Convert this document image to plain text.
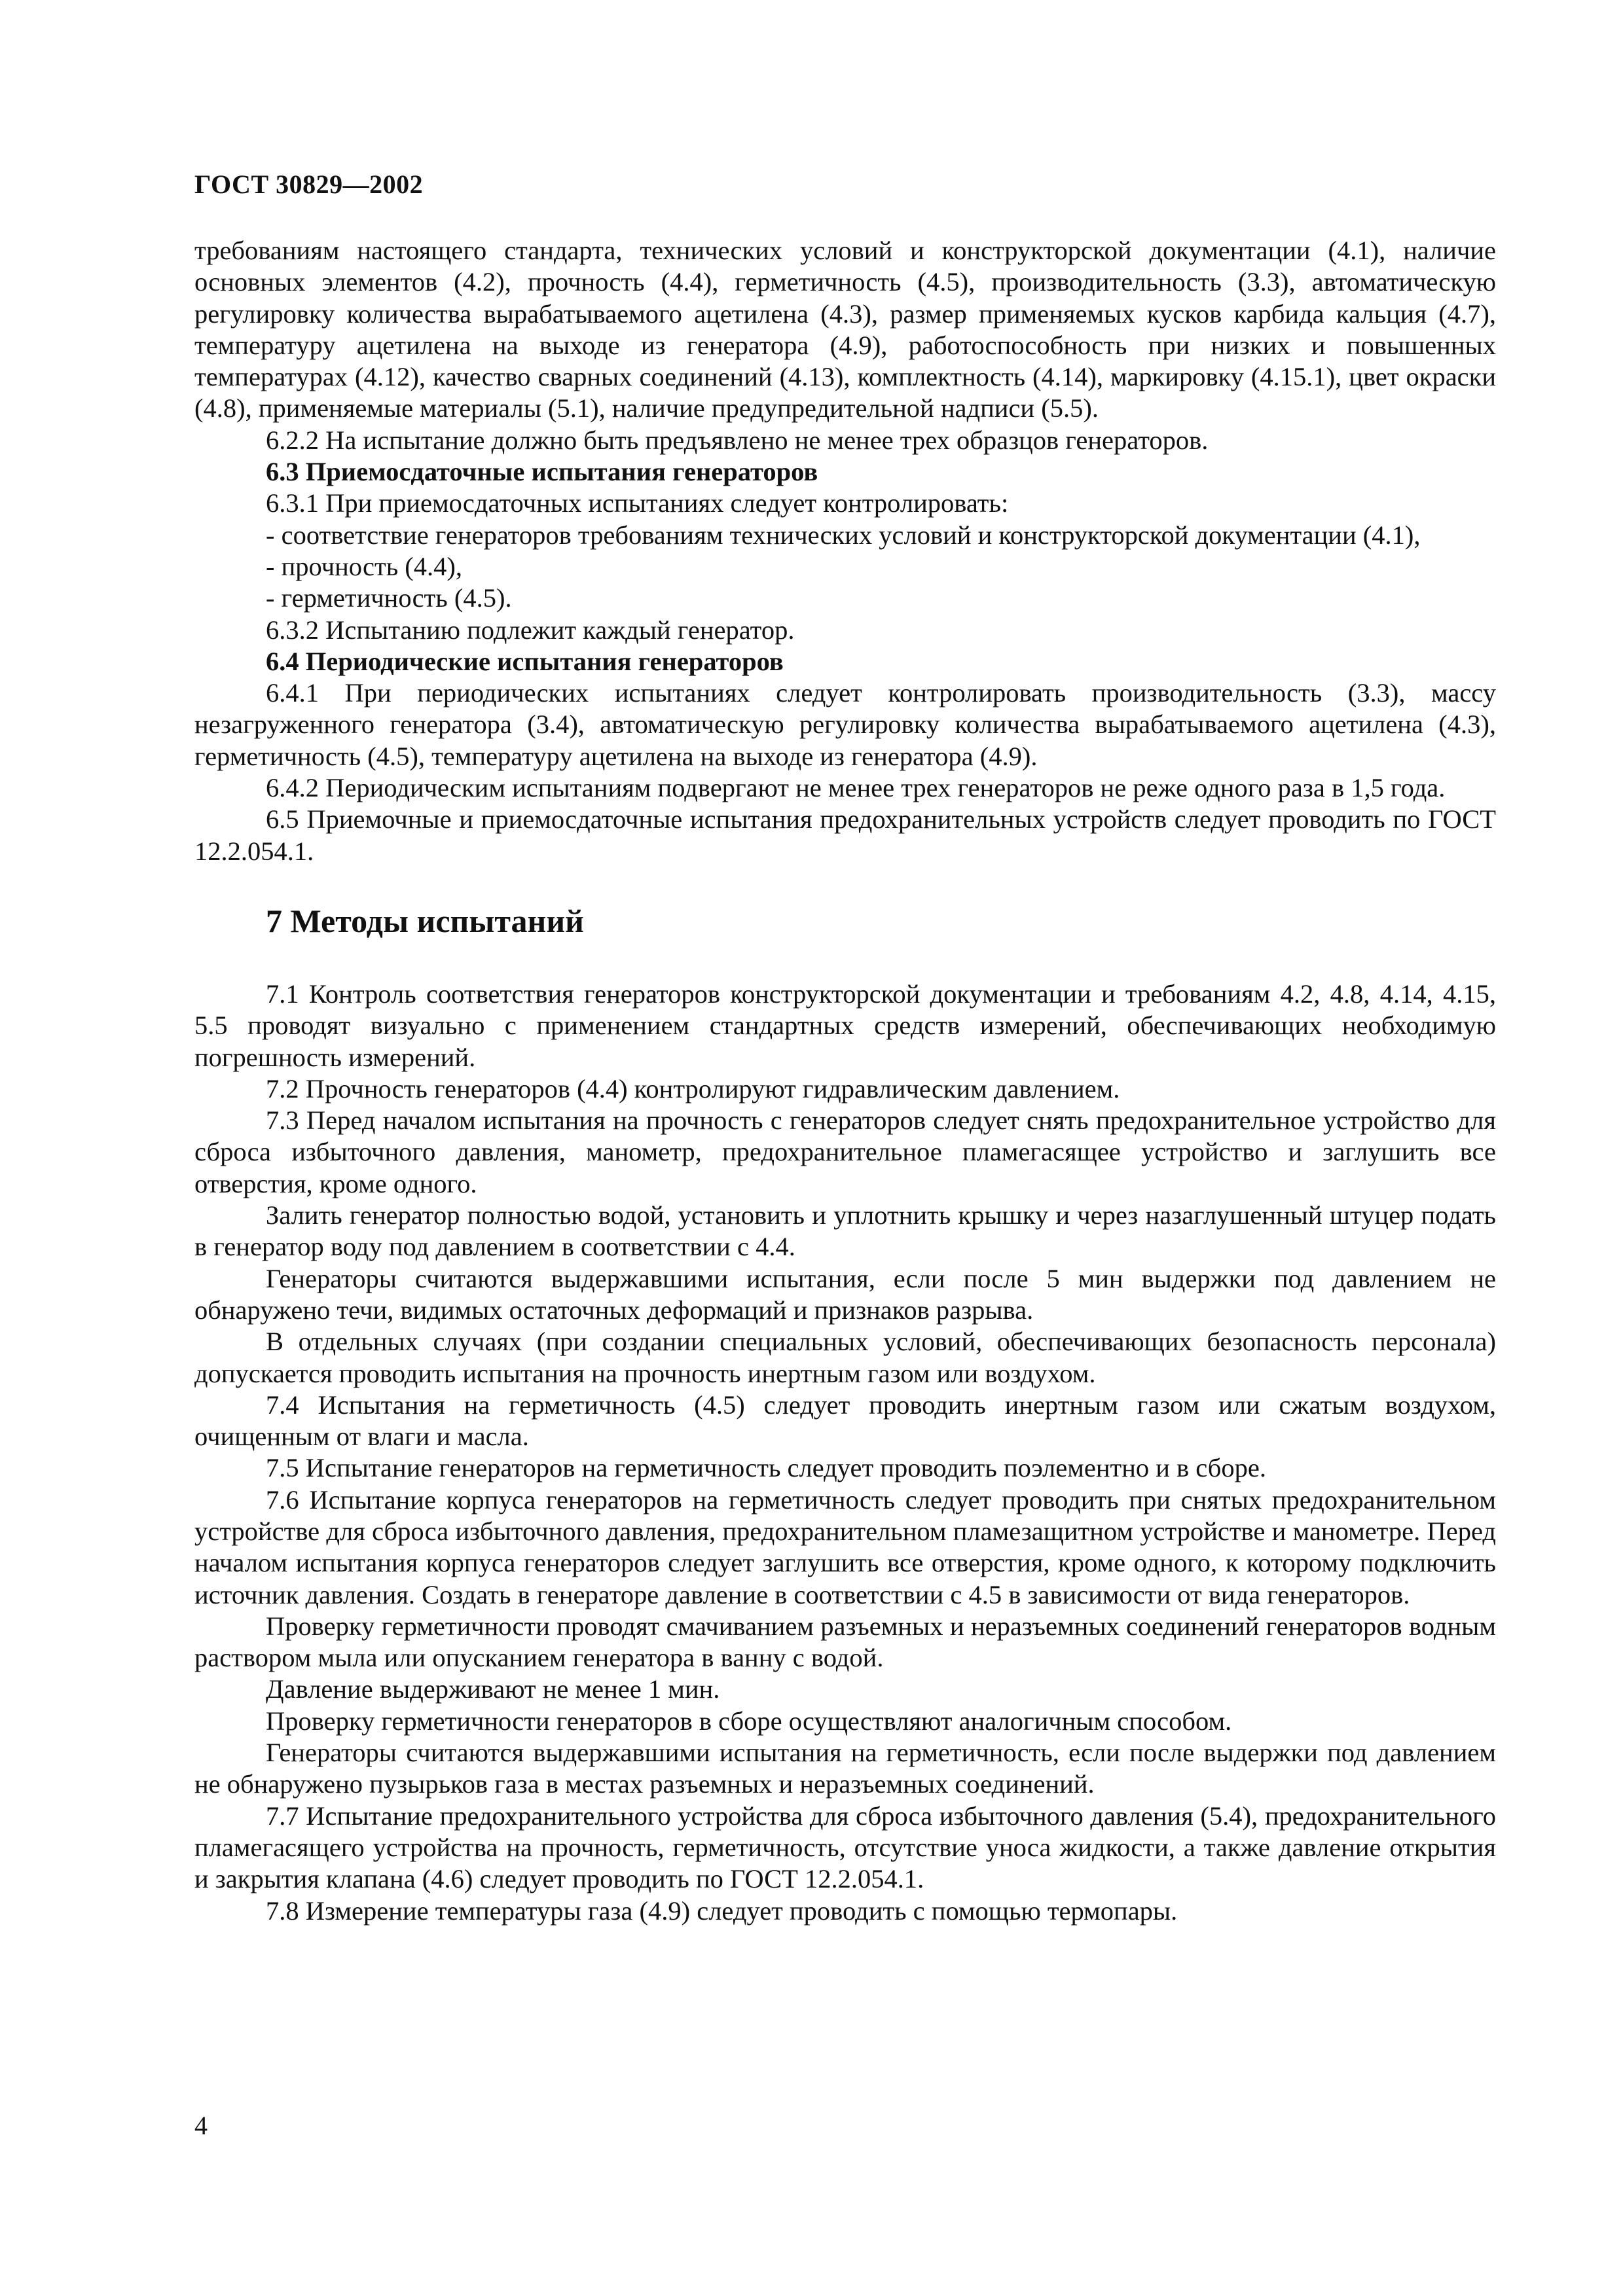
ГОСТ 30829—2002

требованиям настоящего стандарта, технических условий и конструкторской документации (4.1), наличие основных элементов (4.2), прочность (4.4), герметичность (4.5), производительность (3.3), автоматическую регулировку количества вырабатываемого ацетилена (4.3), размер применяемых кусков карбида кальция (4.7), температуру ацетилена на выходе из генератора (4.9), работоспособность при низких и повышенных температурах (4.12), качество сварных соединений (4.13), комплектность (4.14), маркировку (4.15.1), цвет окраски (4.8), применяемые материалы (5.1), наличие предупредительной надписи (5.5).

6.2.2 На испытание должно быть предъявлено не менее трех образцов генераторов.

6.3 Приемосдаточные испытания генераторов

6.3.1 При приемосдаточных испытаниях следует контролировать:

- соответствие генераторов требованиям технических условий и конструкторской документации (4.1),

- прочность (4.4),

- герметичность (4.5).

6.3.2 Испытанию подлежит каждый генератор.

6.4 Периодические испытания генераторов

6.4.1 При периодических испытаниях следует контролировать производительность (3.3), массу незагруженного генератора (3.4), автоматическую регулировку количества вырабатываемого ацетилена (4.3), герметичность (4.5), температуру ацетилена на выходе из генератора (4.9).

6.4.2 Периодическим испытаниям подвергают не менее трех генераторов не реже одного раза в 1,5 года.

6.5 Приемочные и приемосдаточные испытания предохранительных устройств следует проводить по ГОСТ 12.2.054.1.

7 Методы испытаний

7.1 Контроль соответствия генераторов конструкторской документации и требованиям 4.2, 4.8, 4.14, 4.15, 5.5 проводят визуально с применением стандартных средств измерений, обеспечивающих необходимую погрешность измерений.

7.2 Прочность генераторов (4.4) контролируют гидравлическим давлением.

7.3 Перед началом испытания на прочность с генераторов следует снять предохранительное устройство для сброса избыточного давления, манометр, предохранительное пламегасящее устройство и заглушить все отверстия, кроме одного.

Залить генератор полностью водой, установить и уплотнить крышку и через назаглушенный штуцер подать в генератор воду под давлением в соответствии с 4.4.

Генераторы считаются выдержавшими испытания, если после 5 мин выдержки под давлением не обнаружено течи, видимых остаточных деформаций и признаков разрыва.

В отдельных случаях (при создании специальных условий, обеспечивающих безопасность персонала) допускается проводить испытания на прочность инертным газом или воздухом.

7.4 Испытания на герметичность (4.5) следует проводить инертным газом или сжатым воздухом, очищенным от влаги и масла.

7.5 Испытание генераторов на герметичность следует проводить поэлементно и в сборе.

7.6 Испытание корпуса генераторов на герметичность следует проводить при снятых предохранительном устройстве для сброса избыточного давления, предохранительном пламезащитном устройстве и манометре. Перед началом испытания корпуса генераторов следует заглушить все отверстия, кроме одного, к которому подключить источник давления. Создать в генераторе давление в соответствии с 4.5 в зависимости от вида генераторов.

Проверку герметичности проводят смачиванием разъемных и неразъемных соединений генераторов водным раствором мыла или опусканием генератора в ванну с водой.

Давление выдерживают не менее 1 мин.

Проверку герметичности генераторов в сборе осуществляют аналогичным способом.

Генераторы считаются выдержавшими испытания на герметичность, если после выдержки под давлением не обнаружено пузырьков газа в местах разъемных и неразъемных соединений.

7.7 Испытание предохранительного устройства для сброса избыточного давления (5.4), предохранительного пламегасящего устройства на прочность, герметичность, отсутствие уноса жидкости, а также давление открытия и закрытия клапана (4.6) следует проводить по ГОСТ 12.2.054.1.

7.8 Измерение температуры газа (4.9) следует проводить с помощью термопары.

4
